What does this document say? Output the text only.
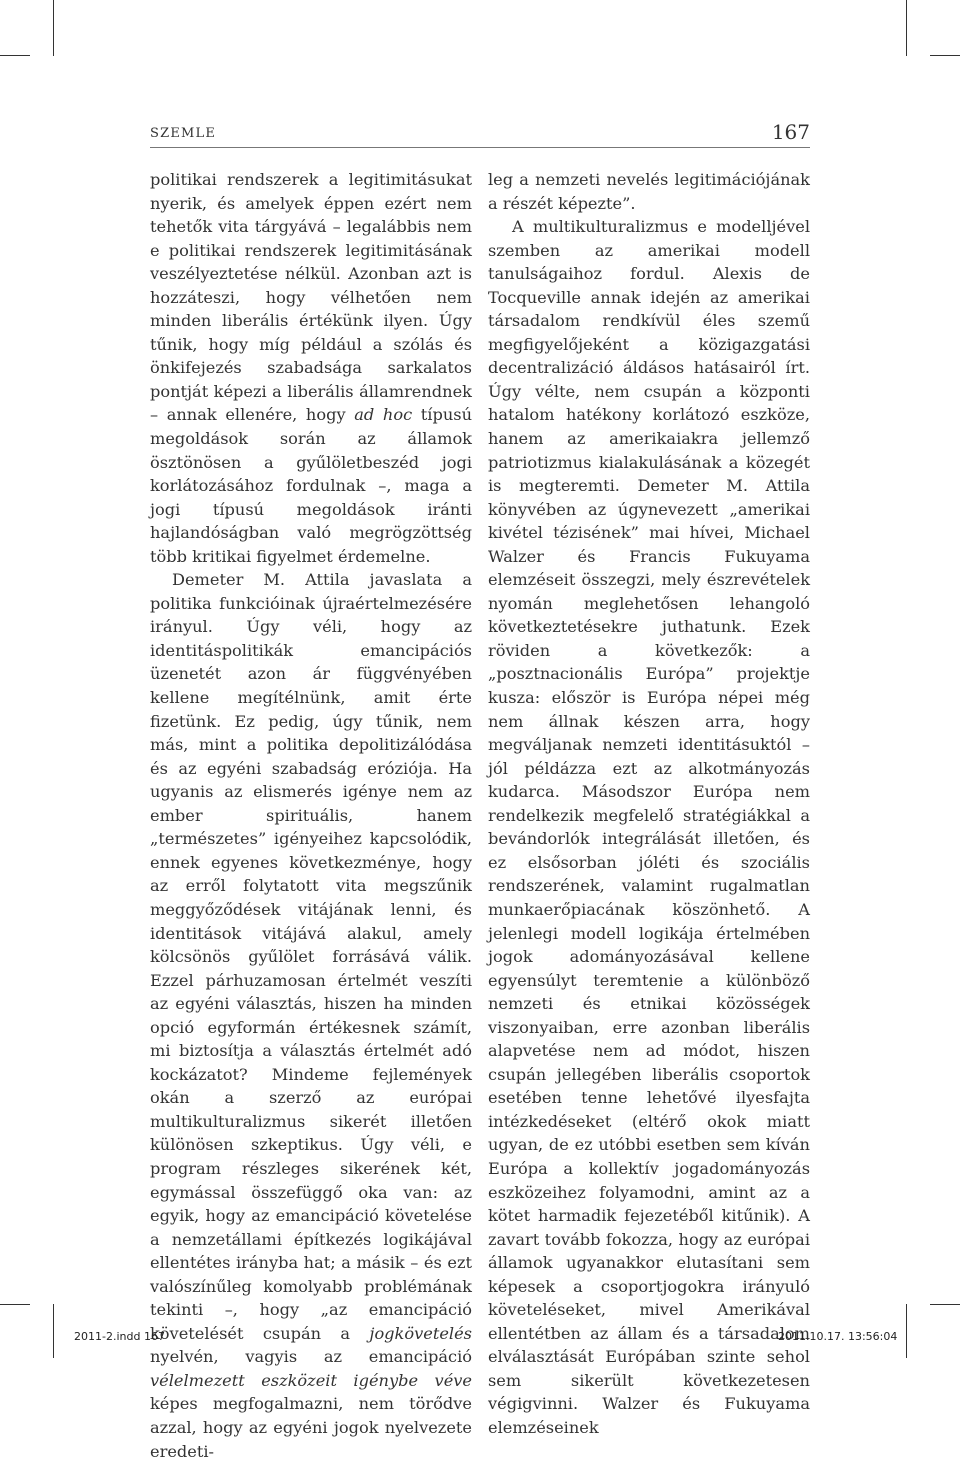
SZEMLE	167

politikai rendszerek a legitimitásukat nyerik, és amelyek éppen ezért nem tehetők vita tárgyává – legalábbis nem e politikai rendszerek legitimitásának veszélyeztetése nélkül. Azonban azt is hozzáteszi, hogy vélhetően nem minden liberális értékünk ilyen. Úgy tűnik, hogy míg például a szólás és önkifejezés szabadsága sarkalatos pontját képezi a liberális államrendnek – annak ellenére, hogy ad hoc típusú megoldások során az államok ösztönösen a gyűlöletbeszéd jogi korlátozásához fordulnak –, maga a jogi típusú megoldások iránti hajlandóságban való megrögzöttség több kritikai figyelmet érdemelne.

Demeter M. Attila javaslata a politika funkcióinak újraértelmezésére irányul. Úgy véli, hogy az identitáspolitikák emancipációs üzenetét azon ár függvényében kellene megítélnünk, amit érte fizetünk. Ez pedig, úgy tűnik, nem más, mint a politika depolitizálódása és az egyéni szabadság eróziója. Ha ugyanis az elismerés igénye nem az ember spirituális, hanem „természetes” igényeihez kapcsolódik, ennek egyenes következménye, hogy az erről folytatott vita megszűnik meggyőződések vitájának lenni, és identitások vitájává alakul, amely kölcsönös gyűlölet forrásává válik. Ezzel párhuzamosan értelmét veszíti az egyéni választás, hiszen ha minden opció egyformán értékesnek számít, mi biztosítja a választás értelmét adó kockázatot? Mindeme fejlemények okán a szerző az európai multikulturalizmus sikerét illetően különösen szkeptikus. Úgy véli, e program részleges sikerének két, egymással összefüggő oka van: az egyik, hogy az emancipáció követelése a nemzetállami építkezés logikájával ellentétes irányba hat; a másik – és ezt valószínűleg komolyabb problémának tekinti –, hogy „az emancipáció követelését csupán a jogkövetelés nyelvén, vagyis az emancipáció vélelmezett eszközeit igénybe véve képes megfogalmazni, nem törődve azzal, hogy az egyéni jogok nyelvezete eredeti-

leg a nemzeti nevelés legitimációjának a részét képezte”.

A multikulturalizmus e modelljével szemben az amerikai modell tanulságaihoz fordul. Alexis de Tocqueville annak idején az amerikai társadalom rendkívül éles szemű megfigyelőjeként a közigazgatási decentralizáció áldásos hatásairól írt. Úgy vélte, nem csupán a központi hatalom hatékony korlátozó eszköze, hanem az amerikaiakra jellemző patriotizmus kialakulásának a közegét is megteremti. Demeter M. Attila könyvében az úgynevezett „amerikai kivétel tézisének” mai hívei, Michael Walzer és Francis Fukuyama elemzéseit összegzi, mely észrevételek nyomán meglehetősen lehangoló következtetésekre juthatunk. Ezek röviden a következők: a „posztnacionális Európa” projektje kusza: először is Európa népei még nem állnak készen arra, hogy megváljanak nemzeti identitásuktól – jól példázza ezt az alkotmányozás kudarca. Másodszor Európa nem rendelkezik megfelelő stratégiákkal a bevándorlók integrálását illetően, és ez elsősorban jóléti és szociális rendszerének, valamint rugalmatlan munkaerőpiacának köszönhető. A jelenlegi modell logikája értelmében jogok adományozásával kellene egyensúlyt teremtenie a különböző nemzeti és etnikai közösségek viszonyaiban, erre azonban liberális alapvetése nem ad módot, hiszen csupán jellegében liberális csoportok esetében tenne lehetővé ilyesfajta intézkedéseket (eltérő okok miatt ugyan, de ez utóbbi esetben sem kíván Európa a kollektív jogadományozás eszközeihez folyamodni, amint az a kötet harmadik fejezetéből kitűnik). A zavart tovább fokozza, hogy az európai államok ugyanakkor elutasítani sem képesek a csoportjogokra irányuló követeléseket, mivel Amerikával ellentétben az állam és a társadalom elválasztását Európában szinte sehol sem sikerült következetesen végigvinni. Walzer és Fukuyama elemzéseinek

2011-2.indd 167	2011.10.17. 13:56:04
